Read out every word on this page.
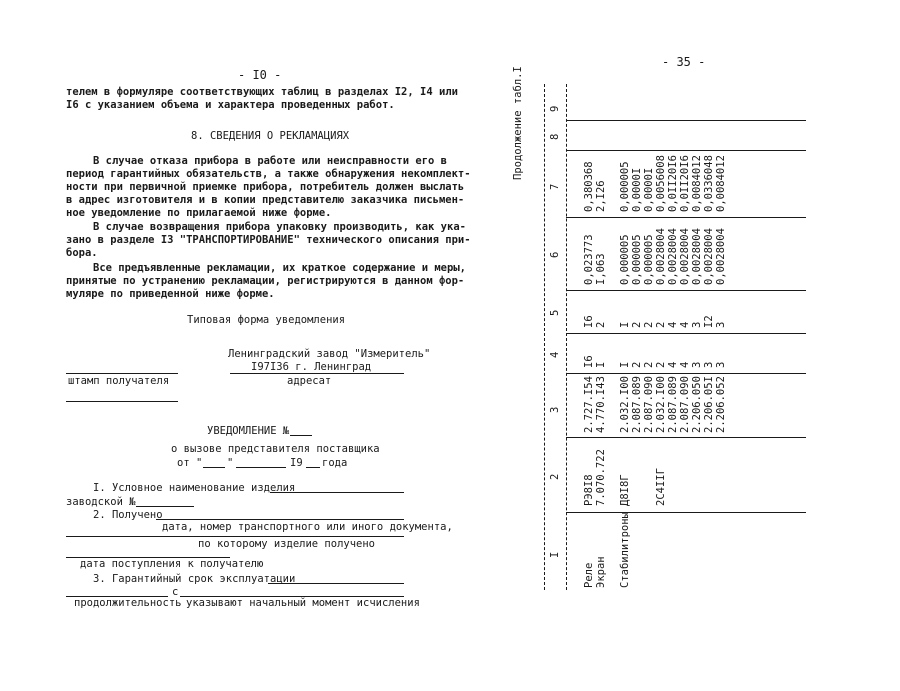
- I0 -
телем в формуляре соответствующих таблиц в разделах I2, I4 или
I6 с указанием объема и характера проведенных работ.
8. СВЕДЕНИЯ О РЕКЛАМАЦИЯХ
В случае отказа прибора в работе или неисправности его в
период гарантийных обязательств, а также обнаружения некомплект-
ности при первичной приемке прибора, потребитель должен выслать
в адрес изготовителя и в копии представителю заказчика письмен-
ное уведомление по прилагаемой ниже форме.
В случае возвращения прибора упаковку производить, как ука-
зано в разделе I3 "ТРАНСПОРТИРОВАНИЕ" технического описания при-
бора.
Все предъявленные рекламации, их краткое содержание и меры,
принятые по устранению рекламации, регистрируются в данном фор-
муляре по приведенной ниже форме.
Типовая форма уведомления
Ленинградский завод "Измеритель"
I97I36 г. Ленинград
адресат
штамп получателя
УВЕДОМЛЕНИЕ №
о вызове представителя поставщика
от " "	I9 года
I. Условное наименование изделия
заводской №
2. Получено
дата, номер транспортного или иного документа,
по которому изделие получено
дата поступления к получателю
3. Гарантийный срок эксплуатации
с
продолжительность указывают начальный момент исчисления
- 35 -
Продолжение табл.I
I
2
3
4
5
6
7
8
9
Реле Экран Стабилитроны
РЭ8I8 7.070.722 Д8I8Г 2С4IIГ
2.727.I54 4.770.I43 2.032.I00 2.087.089 2.087.090 2.032.I00 2.087.089 2.087.090 2.206.050 2.206.05I 2.206.052
I6 I I 2 2 2 4 4 3 3 3
I6 2 I 2 2 2 4 4 3 I2 3
0,023773 I,063 0,000005 0,000005 0,000005 0,0028004 0,0028004 0,0028004 0,0028004 0,0028004 0,0028004
0,380368 2,I26 0,000005 0,0000I 0,0000I 0,0056008 0,0II20I6 0,0II20I6 0,0084012 0,0336048 0,0084012
